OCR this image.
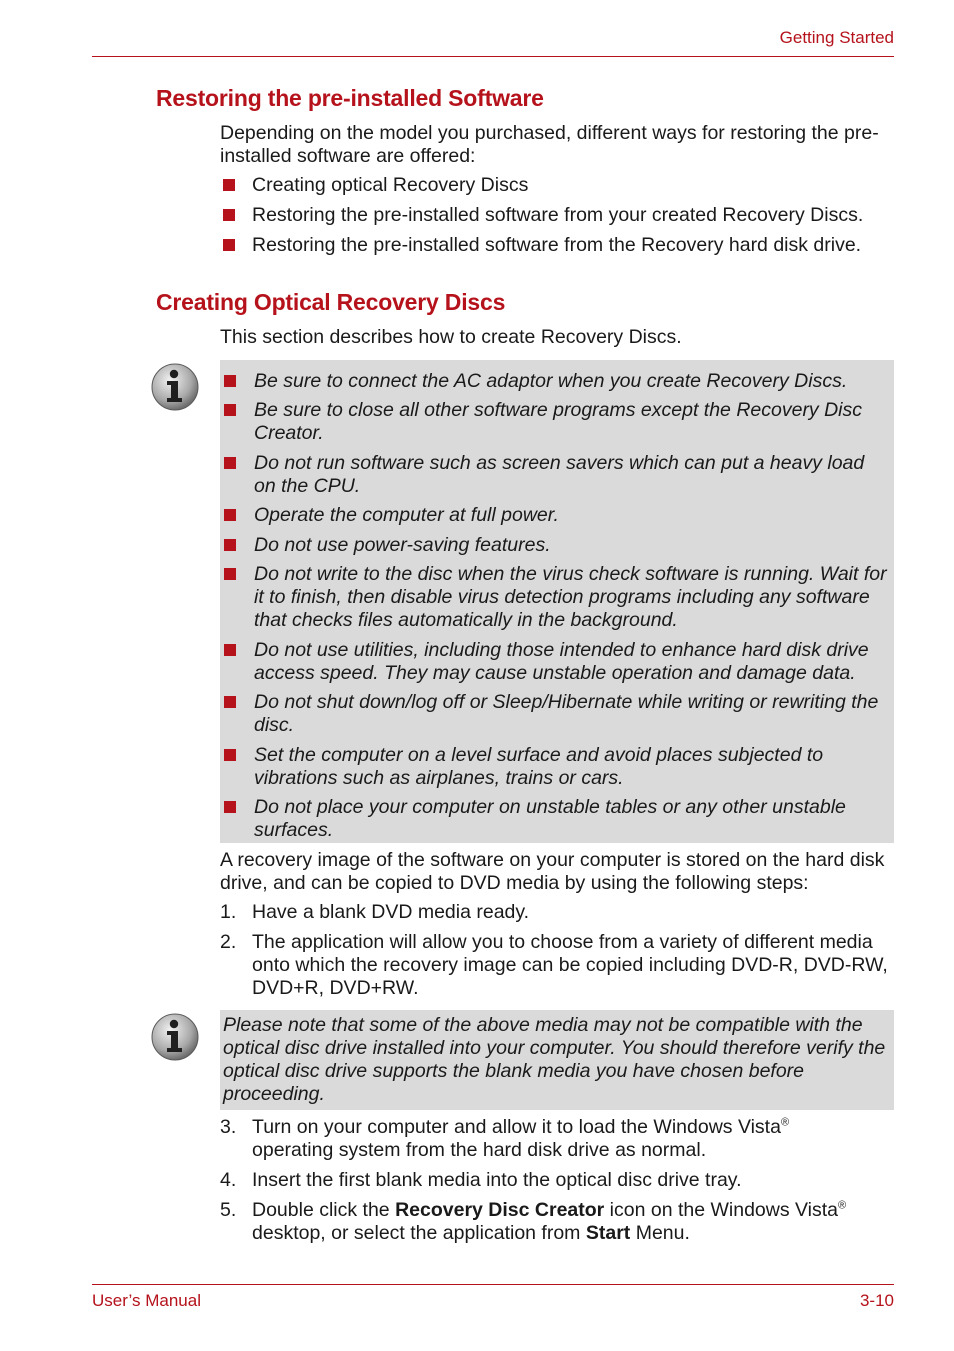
Getting Started
Restoring the pre-installed Software

Depending on the model you purchased, different ways for restoring the pre-installed software are offered:

Creating optical Recovery Discs
Restoring the pre-installed software from your created Recovery Discs.
Restoring the pre-installed software from the Recovery hard disk drive.
Creating Optical Recovery Discs

This section describes how to create Recovery Discs.

Be sure to connect the AC adaptor when you create Recovery Discs.
Be sure to close all other software programs except the Recovery Disc Creator.
Do not run software such as screen savers which can put a heavy load on the CPU.
Operate the computer at full power.
Do not use power-saving features.
Do not write to the disc when the virus check software is running. Wait for it to finish, then disable virus detection programs including any software that checks files automatically in the background.
Do not use utilities, including those intended to enhance hard disk drive access speed. They may cause unstable operation and damage data.
Do not shut down/log off or Sleep/Hibernate while writing or rewriting the disc.
Set the computer on a level surface and avoid places subjected to vibrations such as airplanes, trains or cars.
Do not place your computer on unstable tables or any other unstable surfaces.

A recovery image of the software on your computer is stored on the hard disk drive, and can be copied to DVD media by using the following steps:

1. Have a blank DVD media ready.
2. The application will allow you to choose from a variety of different media onto which the recovery image can be copied including DVD-R, DVD-RW, DVD+R, DVD+RW.

Please note that some of the above media may not be compatible with the optical disc drive installed into your computer. You should therefore verify the optical disc drive supports the blank media you have chosen before proceeding.

3. Turn on your computer and allow it to load the Windows Vista®
operating system from the hard disk drive as normal.
4. Insert the first blank media into the optical disc drive tray.
5. Double click the Recovery Disc Creator icon on the Windows Vista®
desktop, or select the application from Start Menu.
User’s Manual	3-10
